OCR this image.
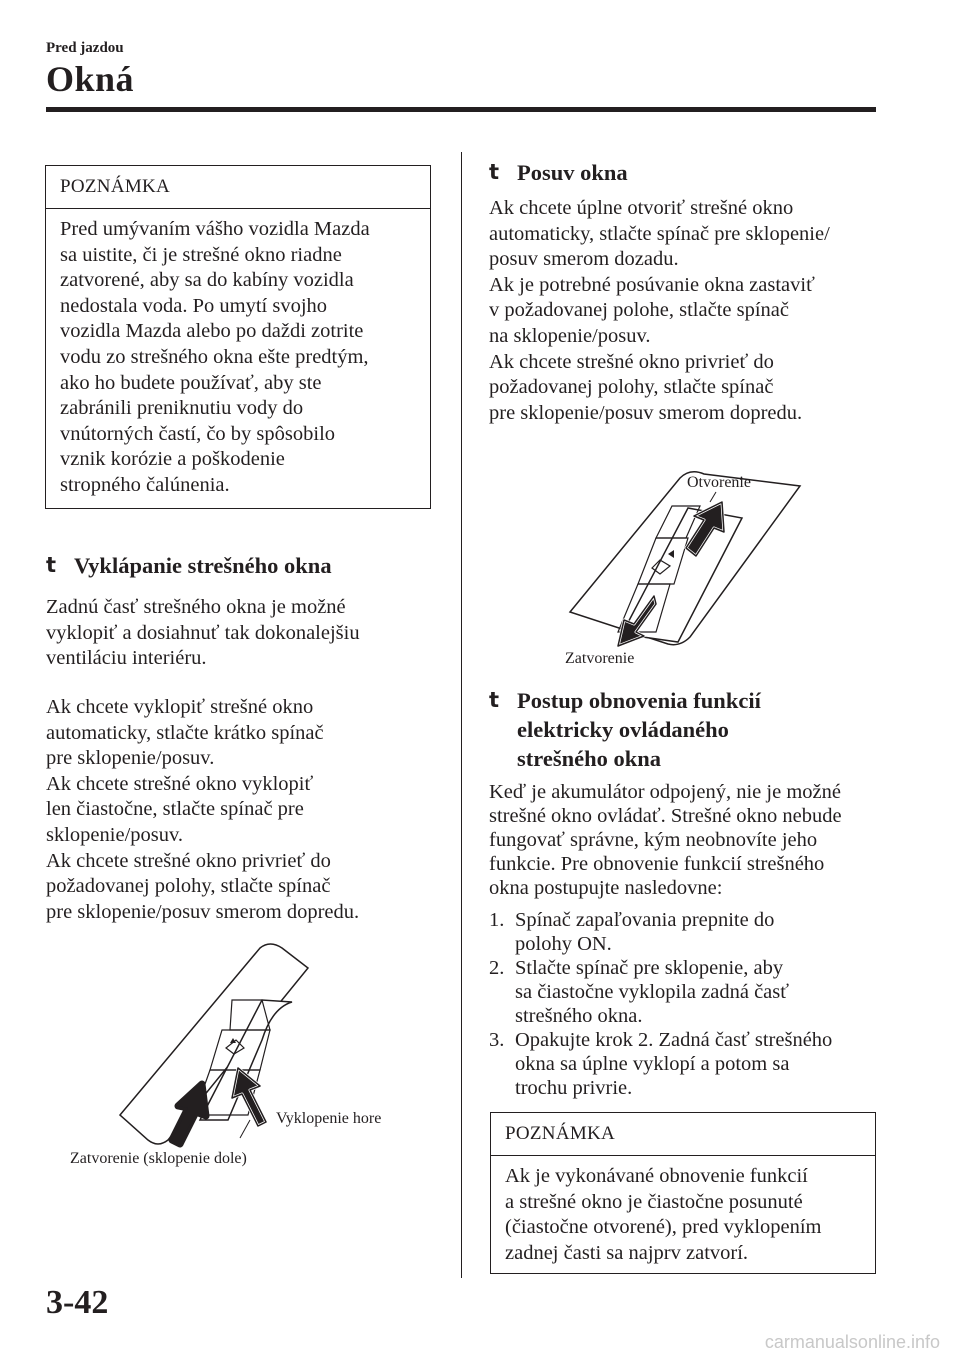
Pred jazdou
Okná
POZNÁMKA
Pred umývaním vášho vozidla Mazda
sa uistite, či je strešné okno riadne
zatvorené, aby sa do kabíny vozidla
nedostala voda. Po umytí svojho
vozidla Mazda alebo po daždi zotrite
vodu zo strešného okna ešte predtým,
ako ho budete používať, aby ste
zabránili preniknutiu vody do
vnútorných častí, čo by spôsobilo
vznik korózie a poškodenie
stropného čalúnenia.
t Vyklápanie strešného okna
Zadnú časť strešného okna je možné
vyklopiť a dosiahnuť tak dokonalejšiu
ventiláciu interiéru.
Ak chcete vyklopiť strešné okno
automaticky, stlačte krátko spínač
pre sklopenie/posuv.
Ak chcete strešné okno vyklopiť
len čiastočne, stlačte spínač pre
sklopenie/posuv.
Ak chcete strešné okno privrieť do
požadovanej polohy, stlačte spínač
pre sklopenie/posuv smerom dopredu.
Vyklopenie hore
Zatvorenie (sklopenie dole)
t Posuv okna
Ak chcete úplne otvoriť strešné okno
automaticky, stlačte spínač pre sklopenie/
posuv smerom dozadu.
Ak je potrebné posúvanie okna zastaviť
v požadovanej polohe, stlačte spínač
na sklopenie/posuv.
Ak chcete strešné okno privrieť do
požadovanej polohy, stlačte spínač
pre sklopenie/posuv smerom dopredu.
Otvorenie
Zatvorenie
t Postup obnovenia funkcií
elektricky ovládaného
strešného okna
Keď je akumulátor odpojený, nie je možné
strešné okno ovládať. Strešné okno nebude
fungovať správne, kým neobnovíte jeho
funkcie. Pre obnovenie funkcií strešného
okna postupujte nasledovne:
1. Spínač zapaľovania prepnite do
polohy ON.
2. Stlačte spínač pre sklopenie, aby
sa čiastočne vyklopila zadná časť
strešného okna.
3. Opakujte krok 2. Zadná časť strešného
okna sa úplne vyklopí a potom sa
trochu privrie.
POZNÁMKA
Ak je vykonávané obnovenie funkcií
a strešné okno je čiastočne posunuté
(čiastočne otvorené), pred vyklopením
zadnej časti sa najprv zatvorí.
3-42
carmanualsonline.info
